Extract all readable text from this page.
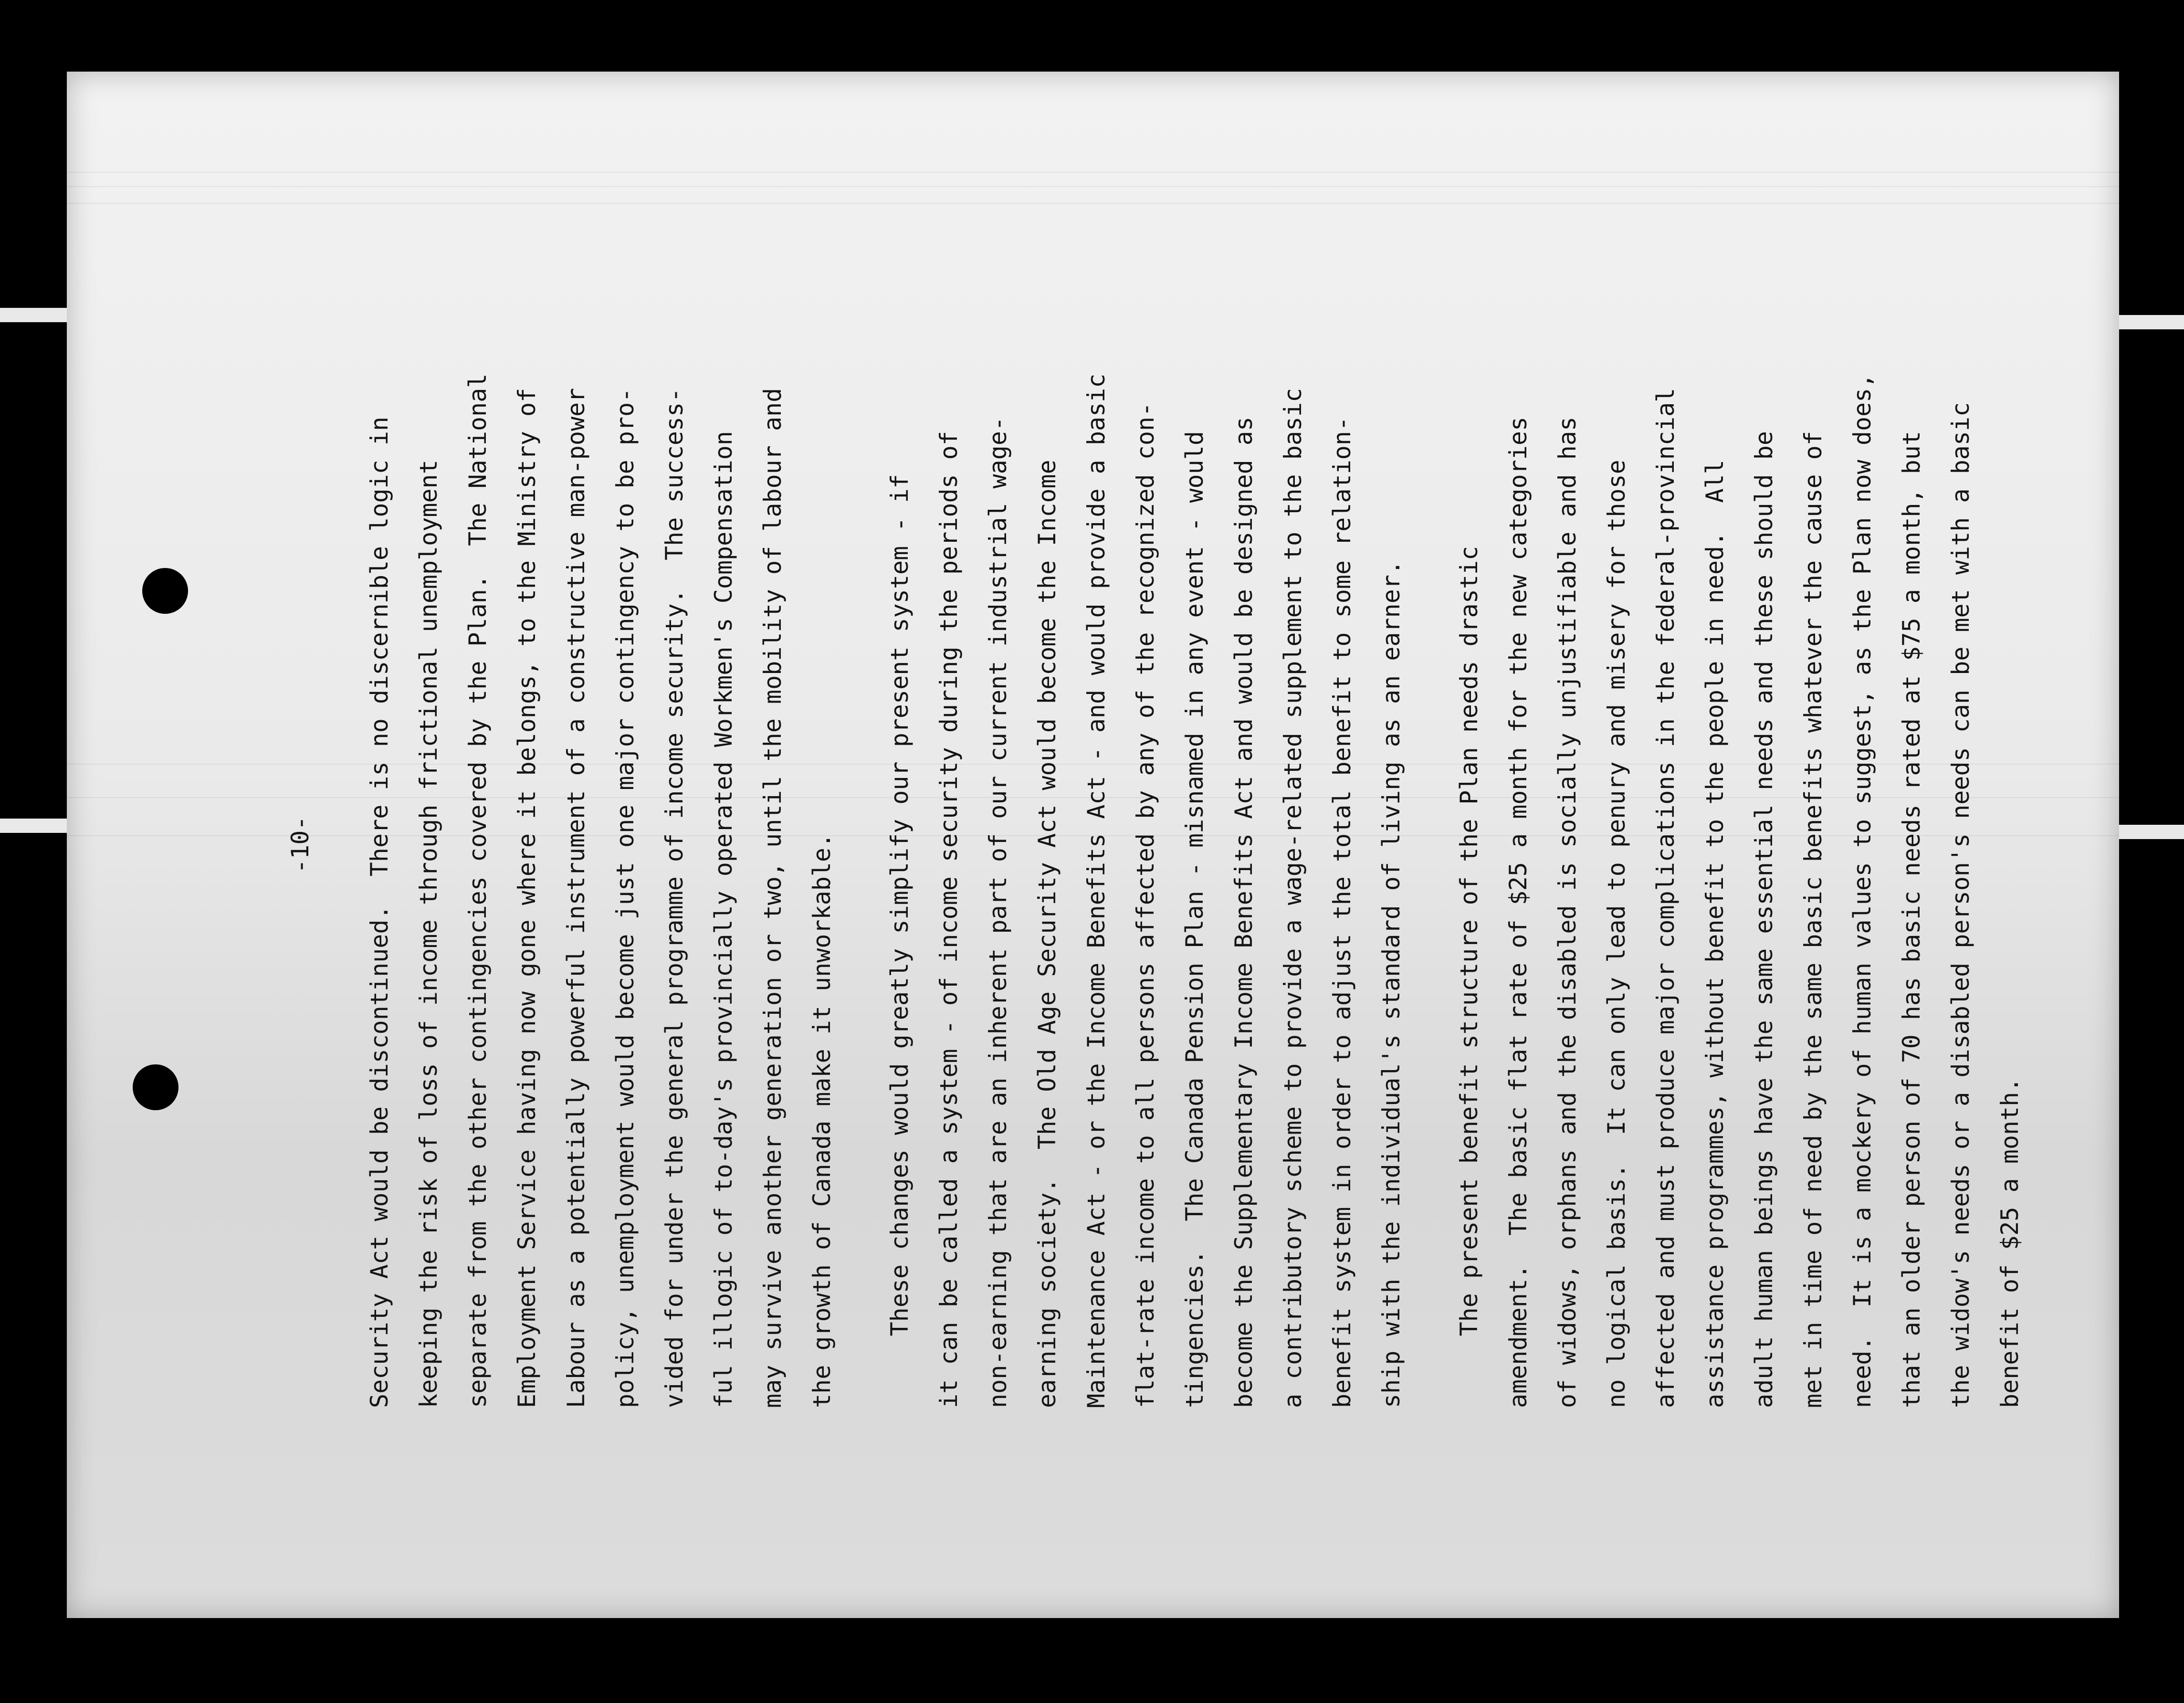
-10- Security Act would be discontinued.  There is no discernible logic in keeping the risk of loss of income through frictional unemployment separate from the other contingencies covered by the Plan.  The National Employment Service having now gone where it belongs, to the Ministry of Labour as a potentially powerful instrument of a constructive man-power policy, unemployment would become just one major contingency to be pro- vided for under the general programme of income security.  The success- ful illogic of to-day's provincially operated Workmen's Compensation may survive another generation or two, until the mobility of labour and the growth of Canada make it unworkable. These changes would greatly simplify our present system - if it can be called a system - of income security during the periods of non-earning that are an inherent part of our current industrial wage- earning society.  The Old Age Security Act would become the Income Maintenance Act - or the Income Benefits Act - and would provide a basic flat-rate income to all persons affected by any of the recognized con- tingencies.  The Canada Pension Plan - misnamed in any event - would become the Supplementary Income Benefits Act and would be designed as a contributory scheme to provide a wage-related supplement to the basic benefit system in order to adjust the total benefit to some relation- ship with the individual's standard of living as an earner. The present benefit structure of the Plan needs drastic amendment.  The basic flat rate of $25 a month for the new categories of widows, orphans and the disabled is socially unjustifiable and has no logical basis.  It can only lead to penury and misery for those affected and must produce major complications in the federal-provincial assistance programmes, without benefit to the people in need.  All adult human beings have the same essential needs and these should be met in time of need by the same basic benefits whatever the cause of need.  It is a mockery of human values to suggest, as the Plan now does, that an older person of 70 has basic needs rated at $75 a month, but the widow's needs or a disabled person's needs can be met with a basic benefit of $25 a month.
